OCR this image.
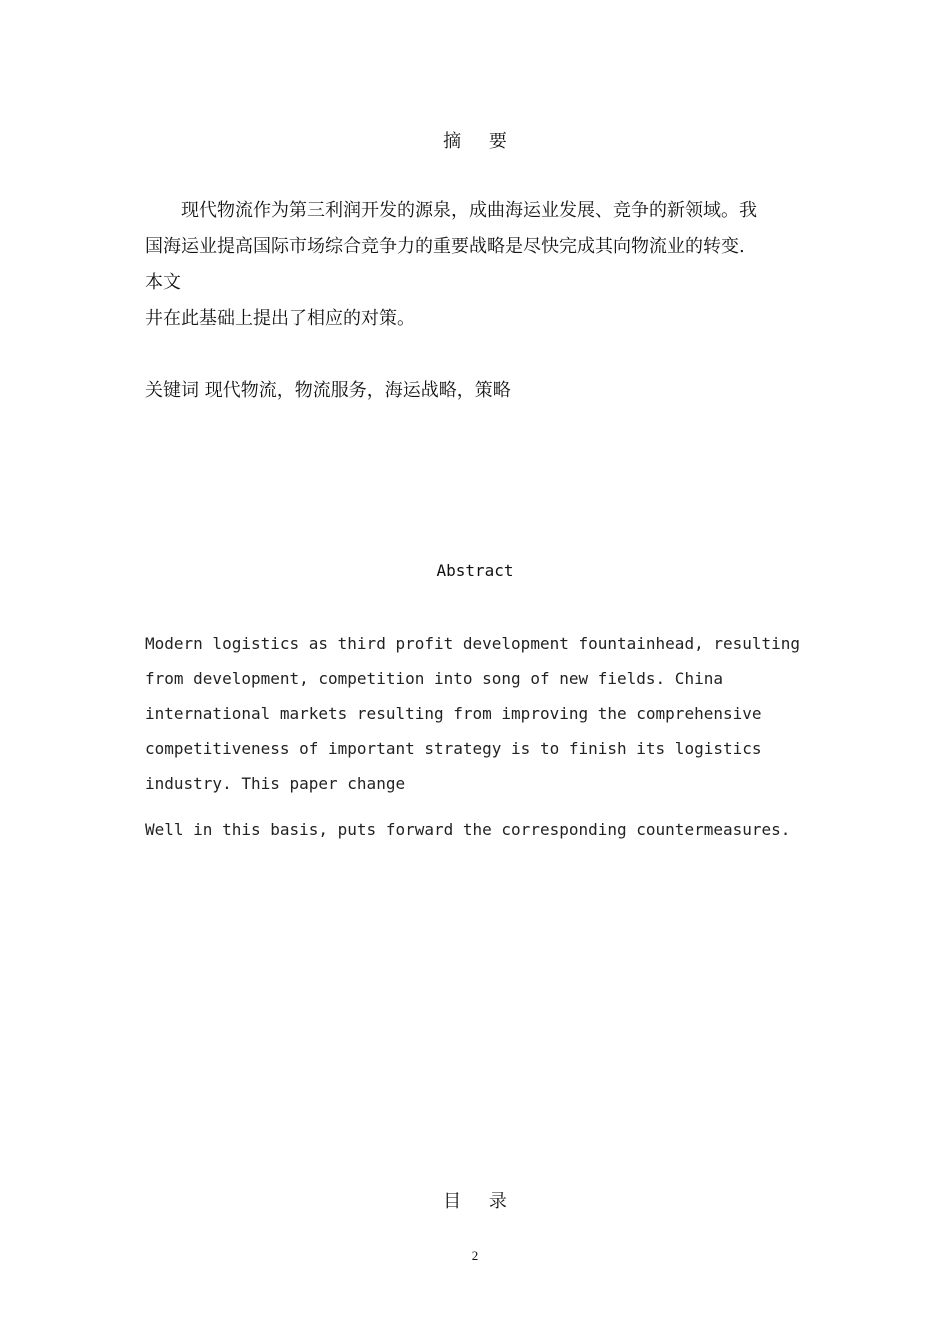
摘 要
现代物流作为第三利润开发的源泉，成曲海运业发展、竞争的新领域。我
国海运业提高国际市场综合竞争力的重要战略是尽快完成其向物流业的转变.
本文
井在此基础上提出了相应的对策。
关键词 现代物流，物流服务，海运战略，策略
Abstract
Modern logistics as third profit development fountainhead, resulting
from development, competition into song of new fields. China
international markets resulting from improving the comprehensive
competitiveness of important strategy is to finish its logistics
industry. This paper change
Well in this basis, puts forward the corresponding countermeasures.
目 录
2
